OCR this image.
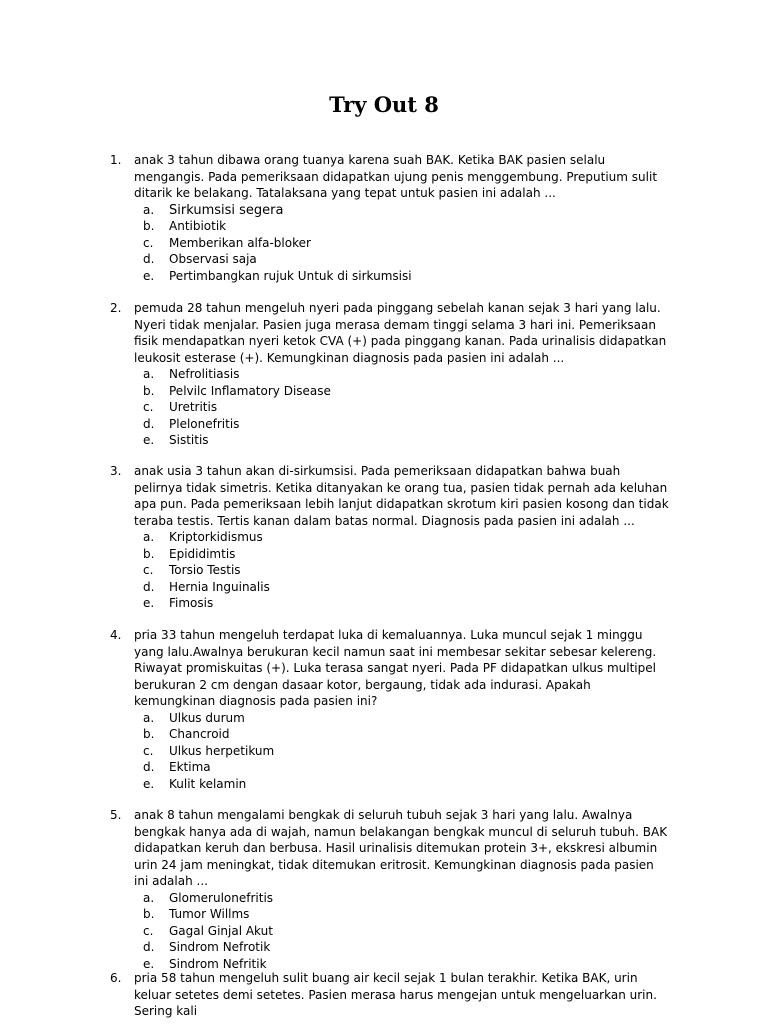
Try Out 8
1. anak 3 tahun dibawa orang tuanya karena suah BAK. Ketika BAK pasien selalu mengangis. Pada pemeriksaan didapatkan ujung penis menggembung. Preputium sulit ditarik ke belakang. Tatalaksana yang tepat untuk pasien ini adalah ...
a. Sirkumsisi segera
b. Antibiotik
c. Memberikan alfa-bloker
d. Observasi saja
e. Pertimbangkan rujuk Untuk di sirkumsisi
2. pemuda 28 tahun mengeluh nyeri pada pinggang sebelah kanan sejak 3 hari yang lalu. Nyeri tidak menjalar. Pasien juga merasa demam tinggi selama 3 hari ini. Pemeriksaan fisik mendapatkan nyeri ketok CVA (+) pada pinggang kanan. Pada urinalisis didapatkan leukosit esterase (+). Kemungkinan diagnosis pada pasien ini adalah ...
a. Nefrolitiasis
b. Pelvilc Inflamatory Disease
c. Uretritis
d. Plelonefritis
e. Sistitis
3. anak usia 3 tahun akan di-sirkumsisi. Pada pemeriksaan didapatkan bahwa buah pelirnya tidak simetris. Ketika ditanyakan ke orang tua, pasien tidak pernah ada keluhan apa pun. Pada pemeriksaan lebih lanjut didapatkan skrotum kiri pasien kosong dan tidak teraba testis. Tertis kanan dalam batas normal. Diagnosis pada pasien ini adalah ...
a. Kriptorkidismus
b. Epididimtis
c. Torsio Testis
d. Hernia Inguinalis
e. Fimosis
4. pria 33 tahun mengeluh terdapat luka di kemaluannya. Luka muncul sejak 1 minggu yang lalu.Awalnya berukuran kecil namun saat ini membesar sekitar sebesar kelereng. Riwayat promiskuitas (+). Luka terasa sangat nyeri. Pada PF didapatkan ulkus multipel berukuran 2 cm dengan dasaar kotor, bergaung, tidak ada indurasi. Apakah kemungkinan diagnosis pada pasien ini?
a. Ulkus durum
b. Chancroid
c. Ulkus herpetikum
d. Ektima
e. Kulit kelamin
5. anak 8 tahun mengalami bengkak di seluruh tubuh sejak 3 hari yang lalu. Awalnya bengkak hanya ada di wajah, namun belakangan bengkak muncul di seluruh tubuh. BAK didapatkan keruh dan berbusa. Hasil urinalisis ditemukan protein 3+, ekskresi albumin urin 24 jam meningkat, tidak ditemukan eritrosit. Kemungkinan diagnosis pada pasien ini adalah ...
a. Glomerulonefritis
b. Tumor Willms
c. Gagal Ginjal Akut
d. Sindrom Nefrotik
e. Sindrom Nefritik
6. pria 58 tahun mengeluh sulit buang air kecil sejak 1 bulan terakhir. Ketika BAK, urin keluar setetes demi setetes. Pasien merasa harus mengejan untuk mengeluarkan urin. Sering kali
